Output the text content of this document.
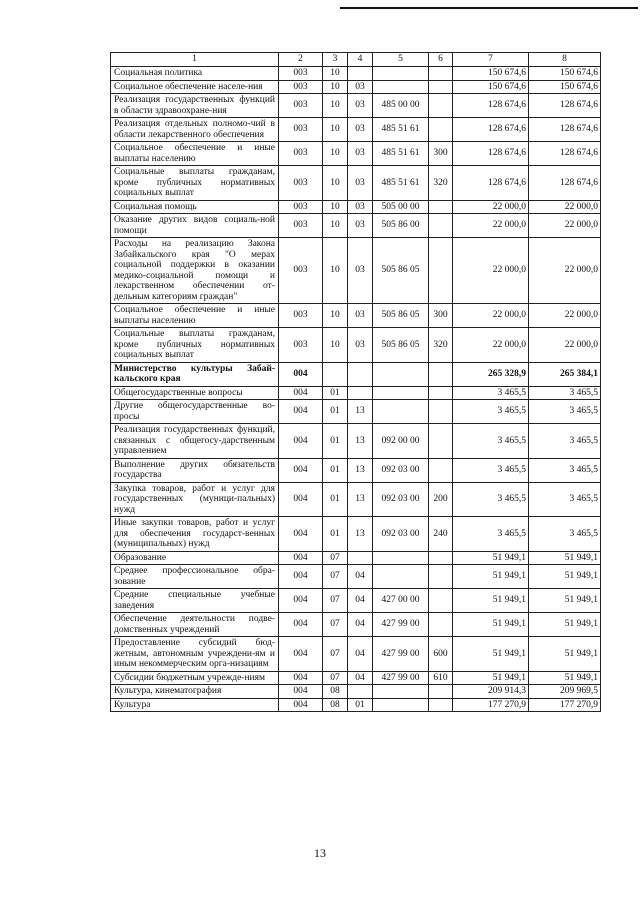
1	2	3	4	5	6	7	8
Социальная политика	003	10				150 674,6	150 674,6
Социальное обеспечение населе-ния	003	10	03			150 674,6	150 674,6
Реализация государственных функций в области здравоохране-ния	003	10	03	485 00 00		128 674,6	128 674,6
Реализация отдельных полномо-чий в области лекарственного обеспечения	003	10	03	485 51 61		128 674,6	128 674,6
Социальное обеспечение и иные выплаты населению	003	10	03	485 51 61	300	128 674,6	128 674,6
Социальные выплаты гражданам, кроме публичных нормативных социальных выплат	003	10	03	485 51 61	320	128 674,6	128 674,6
Социальная помощь	003	10	03	505 00 00		22 000,0	22 000,0
Оказание других видов социаль-ной помощи	003	10	03	505 86 00		22 000,0	22 000,0
Расходы на реализацию Закона Забайкальского края "О мерах социальной поддержки в оказании медико-социальной помощи и лекарственном обеспечении от-дельным категориям граждан"	003	10	03	505 86 05		22 000,0	22 000,0
Социальное обеспечение и иные выплаты населению	003	10	03	505 86 05	300	22 000,0	22 000,0
Социальные выплаты гражданам, кроме публичных нормативных социальных выплат	003	10	03	505 86 05	320	22 000,0	22 000,0
Министерство культуры Забай-кальского края	004					265 328,9	265 384,1
Общегосударственные вопросы	004	01				3 465,5	3 465,5
Другие общегосударственные во-просы	004	01	13			3 465,5	3 465,5
Реализация государственных функций, связанных с общегосу-дарственным управлением	004	01	13	092 00 00		3 465,5	3 465,5
Выполнение других обязательств государства	004	01	13	092 03 00		3 465,5	3 465,5
Закупка товаров, работ и услуг для государственных (муници-пальных) нужд	004	01	13	092 03 00	200	3 465,5	3 465,5
Иные закупки товаров, работ и услуг для обеспечения государст-венных (муниципальных) нужд	004	01	13	092 03 00	240	3 465,5	3 465,5
Образование	004	07				51 949,1	51 949,1
Среднее профессиональное обра-зование	004	07	04			51 949,1	51 949,1
Средние специальные учебные заведения	004	07	04	427 00 00		51 949,1	51 949,1
Обеспечение деятельности подве-домственных учреждений	004	07	04	427 99 00		51 949,1	51 949,1
Предоставление субсидий бюд-жетным, автономным учреждени-ям и иным некоммерческим орга-низациям	004	07	04	427 99 00	600	51 949,1	51 949,1
Субсидии бюджетным учрежде-ниям	004	07	04	427 99 00	610	51 949,1	51 949,1
Культура, кинематография	004	08				209 914,3	209 969,5
Культура	004	08	01			177 270,9	177 270,9
13
